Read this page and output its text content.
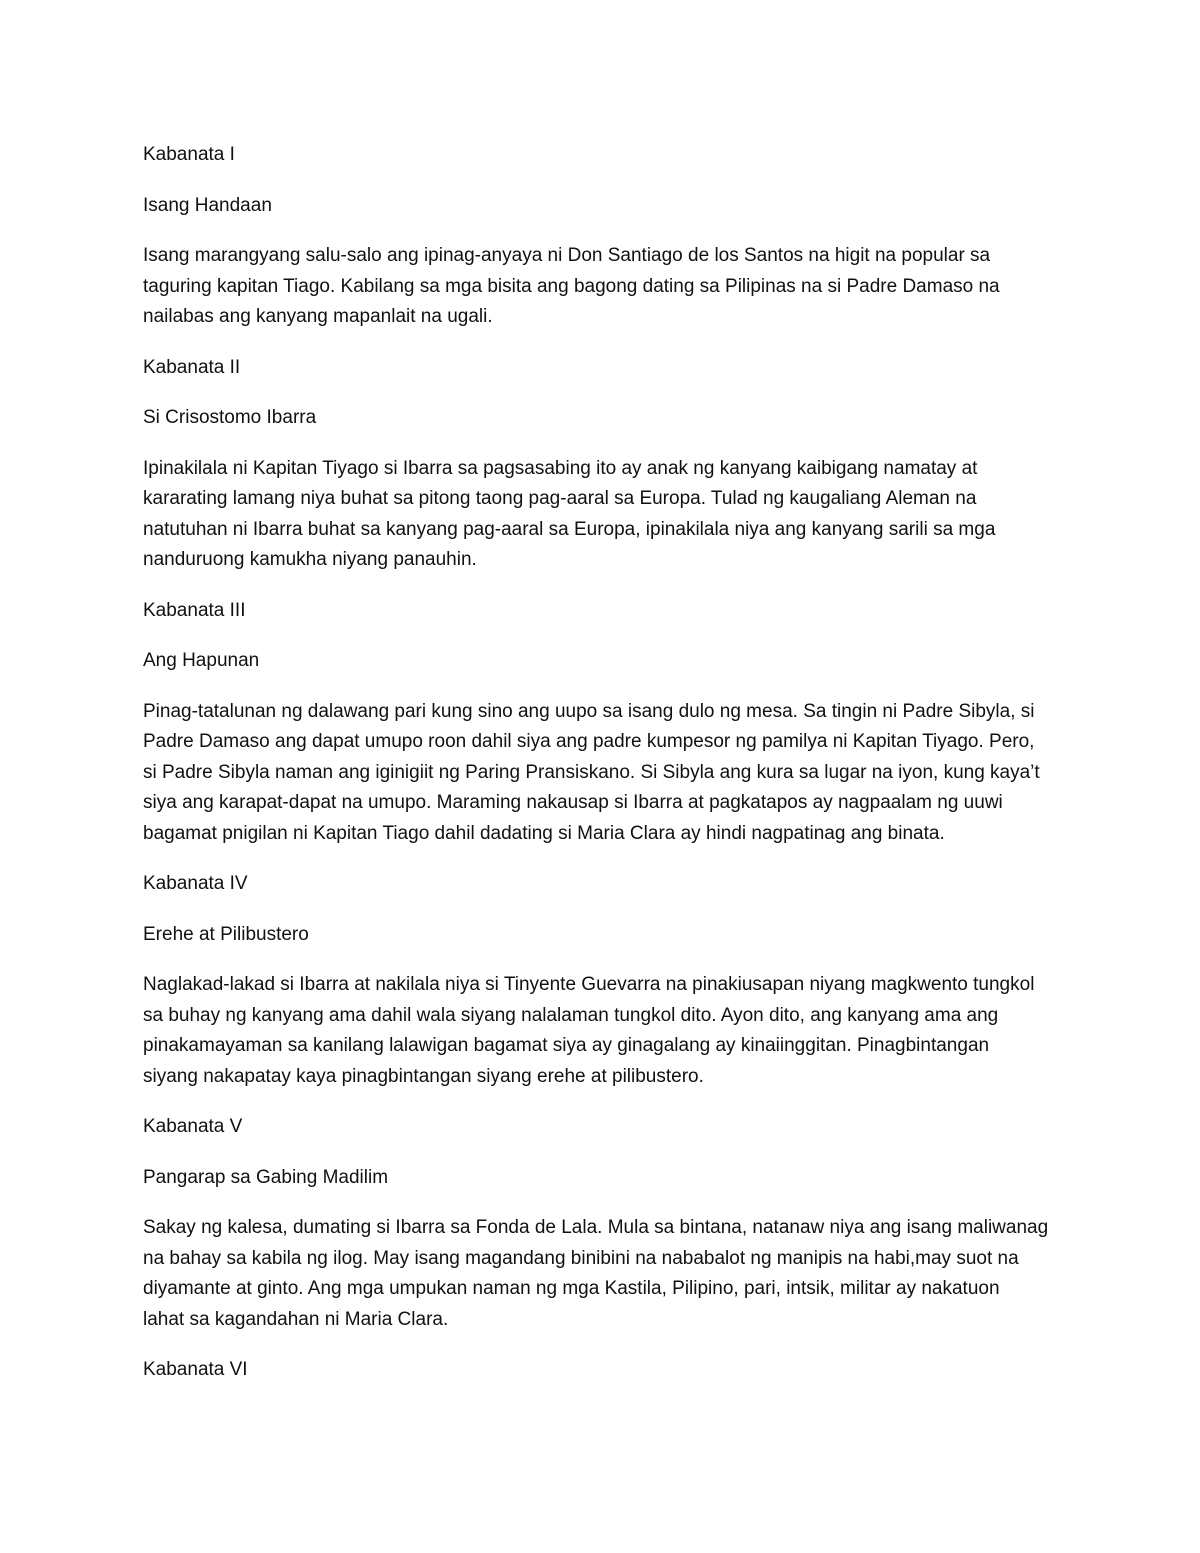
Kabanata I

Isang Handaan

Isang marangyang salu-salo ang ipinag-anyaya ni Don Santiago de los Santos na higit na popular sa
taguring kapitan Tiago. Kabilang sa mga bisita ang bagong dating sa Pilipinas na si Padre Damaso na
nailabas ang kanyang mapanlait na ugali.

Kabanata II

Si Crisostomo Ibarra

Ipinakilala ni Kapitan Tiyago si Ibarra sa pagsasabing ito ay anak ng kanyang kaibigang namatay at
kararating lamang niya buhat sa pitong taong pag-aaral sa Europa. Tulad ng kaugaliang Aleman na
natutuhan ni Ibarra buhat sa kanyang pag-aaral sa Europa, ipinakilala niya ang kanyang sarili sa mga
nanduruong kamukha niyang panauhin.

Kabanata III

Ang Hapunan

Pinag-tatalunan ng dalawang pari kung sino ang uupo sa isang dulo ng mesa. Sa tingin ni Padre Sibyla, si
Padre Damaso ang dapat umupo roon dahil siya ang padre kumpesor ng pamilya ni Kapitan Tiyago. Pero,
si Padre Sibyla naman ang iginigiit ng Paring Pransiskano. Si Sibyla ang kura sa lugar na iyon, kung kaya’t
siya ang karapat-dapat na umupo. Maraming nakausap si Ibarra at pagkatapos ay nagpaalam ng uuwi
bagamat pnigilan ni Kapitan Tiago dahil dadating si Maria Clara ay hindi nagpatinag ang binata.

Kabanata IV

Erehe at Pilibustero

Naglakad-lakad si Ibarra at nakilala niya si Tinyente Guevarra na pinakiusapan niyang magkwento tungkol
sa buhay ng kanyang ama dahil wala siyang nalalaman tungkol dito. Ayon dito, ang kanyang ama ang
pinakamayaman sa kanilang lalawigan bagamat siya ay ginagalang ay kinaiinggitan. Pinagbintangan
siyang nakapatay kaya pinagbintangan siyang erehe at pilibustero.

Kabanata V

Pangarap sa Gabing Madilim

Sakay ng kalesa, dumating si Ibarra sa Fonda de Lala. Mula sa bintana, natanaw niya ang isang maliwanag
na bahay sa kabila ng ilog. May isang magandang binibini na nababalot ng manipis na habi,may suot na
diyamante at ginto. Ang mga umpukan naman ng mga Kastila, Pilipino, pari, intsik, militar ay nakatuon
lahat sa kagandahan ni Maria Clara.

Kabanata VI
